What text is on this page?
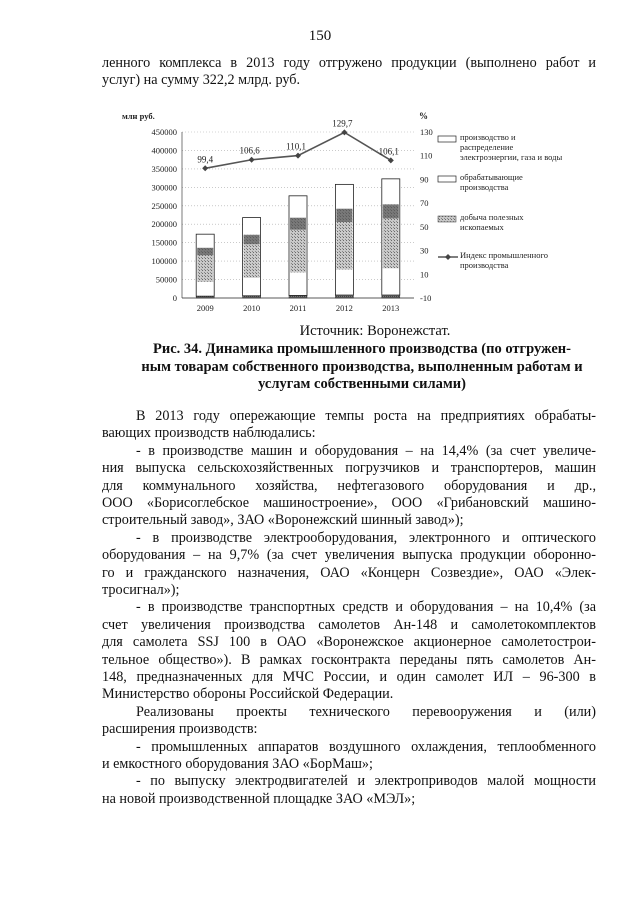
150
ленного комплекса в 2013 году отгружено продукции (выполнено работ и
услуг) на сумму 322,2 млрд. руб.
2009	2010	2011	2012	2013
0
50000
100000
150000
200000
250000
300000
350000
400000
450000
-10
10
30
50
70
90
110
130
млн руб.	%
99,4
106,6	110,1
129,7
106,1
производство и
распределение
электроэнергии, газа и воды
обрабатывающие
производства
добыча полезных
ископаемых
Индекс промышленного
производства
Источник: Воронежстат.
Рис. 34. Динамика промышленного производства (по отгружен-
ным товарам собственного производства, выполненным работам и
услугам собственными силами)
В 2013 году опережающие темпы роста на предприятиях обрабаты-
вающих производств наблюдались:
- в производстве машин и оборудования – на 14,4% (за счет увеличе-
ния выпуска сельскохозяйственных погрузчиков и транспортеров, машин
для коммунального хозяйства, нефтегазового оборудования и др.,
ООО «Борисоглебское машиностроение», ООО «Грибановский машино-
строительный завод», ЗАО «Воронежский шинный завод»);
- в производстве электрооборудования, электронного и оптического
оборудования – на 9,7% (за счет увеличения выпуска продукции оборонно-
го и гражданского назначения, ОАО «Концерн Созвездие», ОАО «Элек-
тросигнал»);
- в производстве транспортных средств и оборудования – на 10,4% (за
счет увеличения производства самолетов Ан-148 и самолетокомплектов
для самолета SSJ 100 в ОАО «Воронежское акционерное самолетострои-
тельное общество»). В рамках госконтракта переданы пять самолетов Ан-
148, предназначенных для МЧС России, и один самолет ИЛ – 96-300 в
Министерство обороны Российской Федерации.
Реализованы проекты технического перевооружения и (или)
расширения производств:
- промышленных аппаратов воздушного охлаждения, теплообменного
и емкостного оборудования ЗАО «БорМаш»;
- по выпуску электродвигателей и электроприводов малой мощности
на новой производственной площадке ЗАО «МЭЛ»;
